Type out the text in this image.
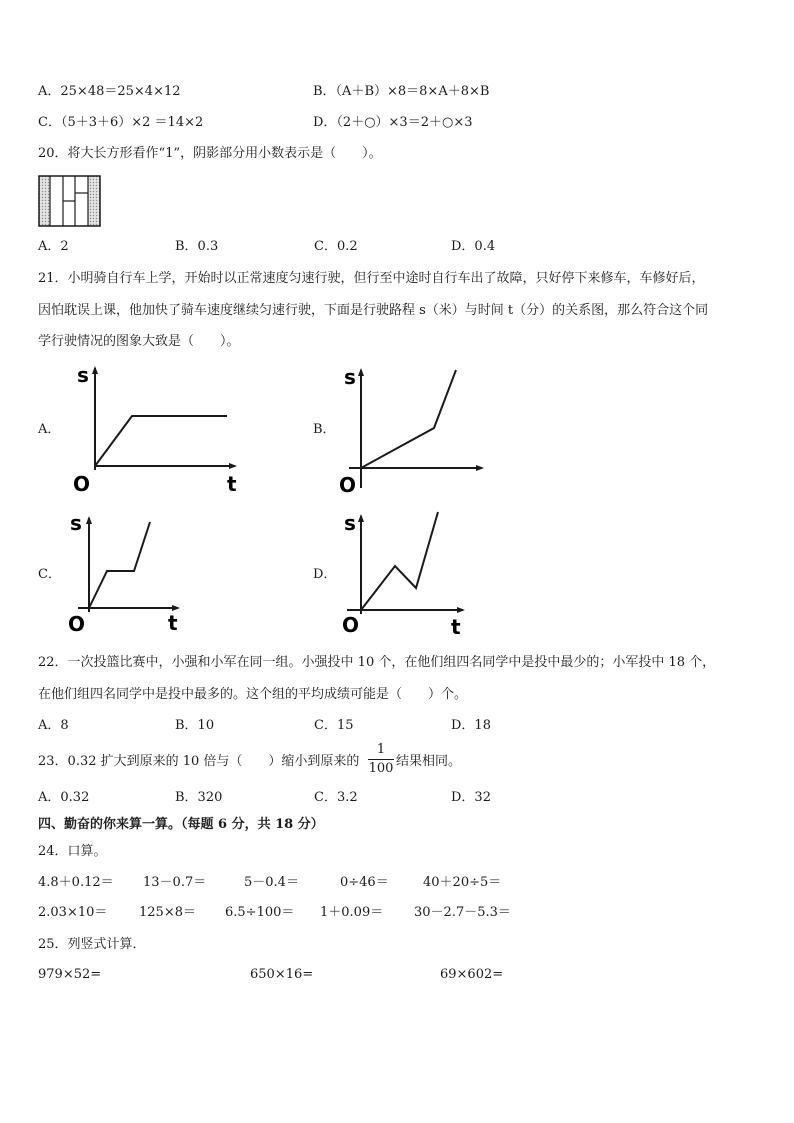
A．25×48＝25×4×12	B．（A＋B）×8＝8×A＋8×B
C．（5＋3＋6）×2 ＝14×2	D．（2＋○）×3＝2＋○×3
20．将大长方形看作“1”，阴影部分用小数表示是（　　）。
A．2	B．0.3	C．0.2	D．0.4
21．小明骑自行车上学，开始时以正常速度匀速行驶，但行至中途时自行车出了故障，只好停下来修车，车修好后，
因怕耽误上课，他加快了骑车速度继续匀速行驶，下面是行驶路程 s（米）与时间 t（分）的关系图，那么符合这个同
学行驶情况的图象大致是（　　）。
A．
s
t
O
B．
s
O
C．
s
t
O
D．
s
t
O
22．一次投篮比赛中，小强和小军在同一组。小强投中 10 个，在他们组四名同学中是投中最少的；小军投中 18 个，
在他们组四名同学中是投中最多的。这个组的平均成绩可能是（　　）个。
A．8	B．10	C．15	D．18
23．0.32 扩大到原来的 10 倍与（　　）缩小到原来的 $\frac{1}{100}$ 结果相同。
A．0.32	B．320	C．3.2	D．32
四、勤奋的你来算一算。（每题 6 分，共 18 分）
24．口算。
4.8＋0.12＝ 13－0.7＝	5－0.4＝	0÷46＝	40＋20÷5＝
2.03×10＝ 125×8＝ 6.5÷100＝ 1＋0.09＝ 30－2.7－5.3＝
25．列竖式计算．
979×52=	650×16=	69×602=
